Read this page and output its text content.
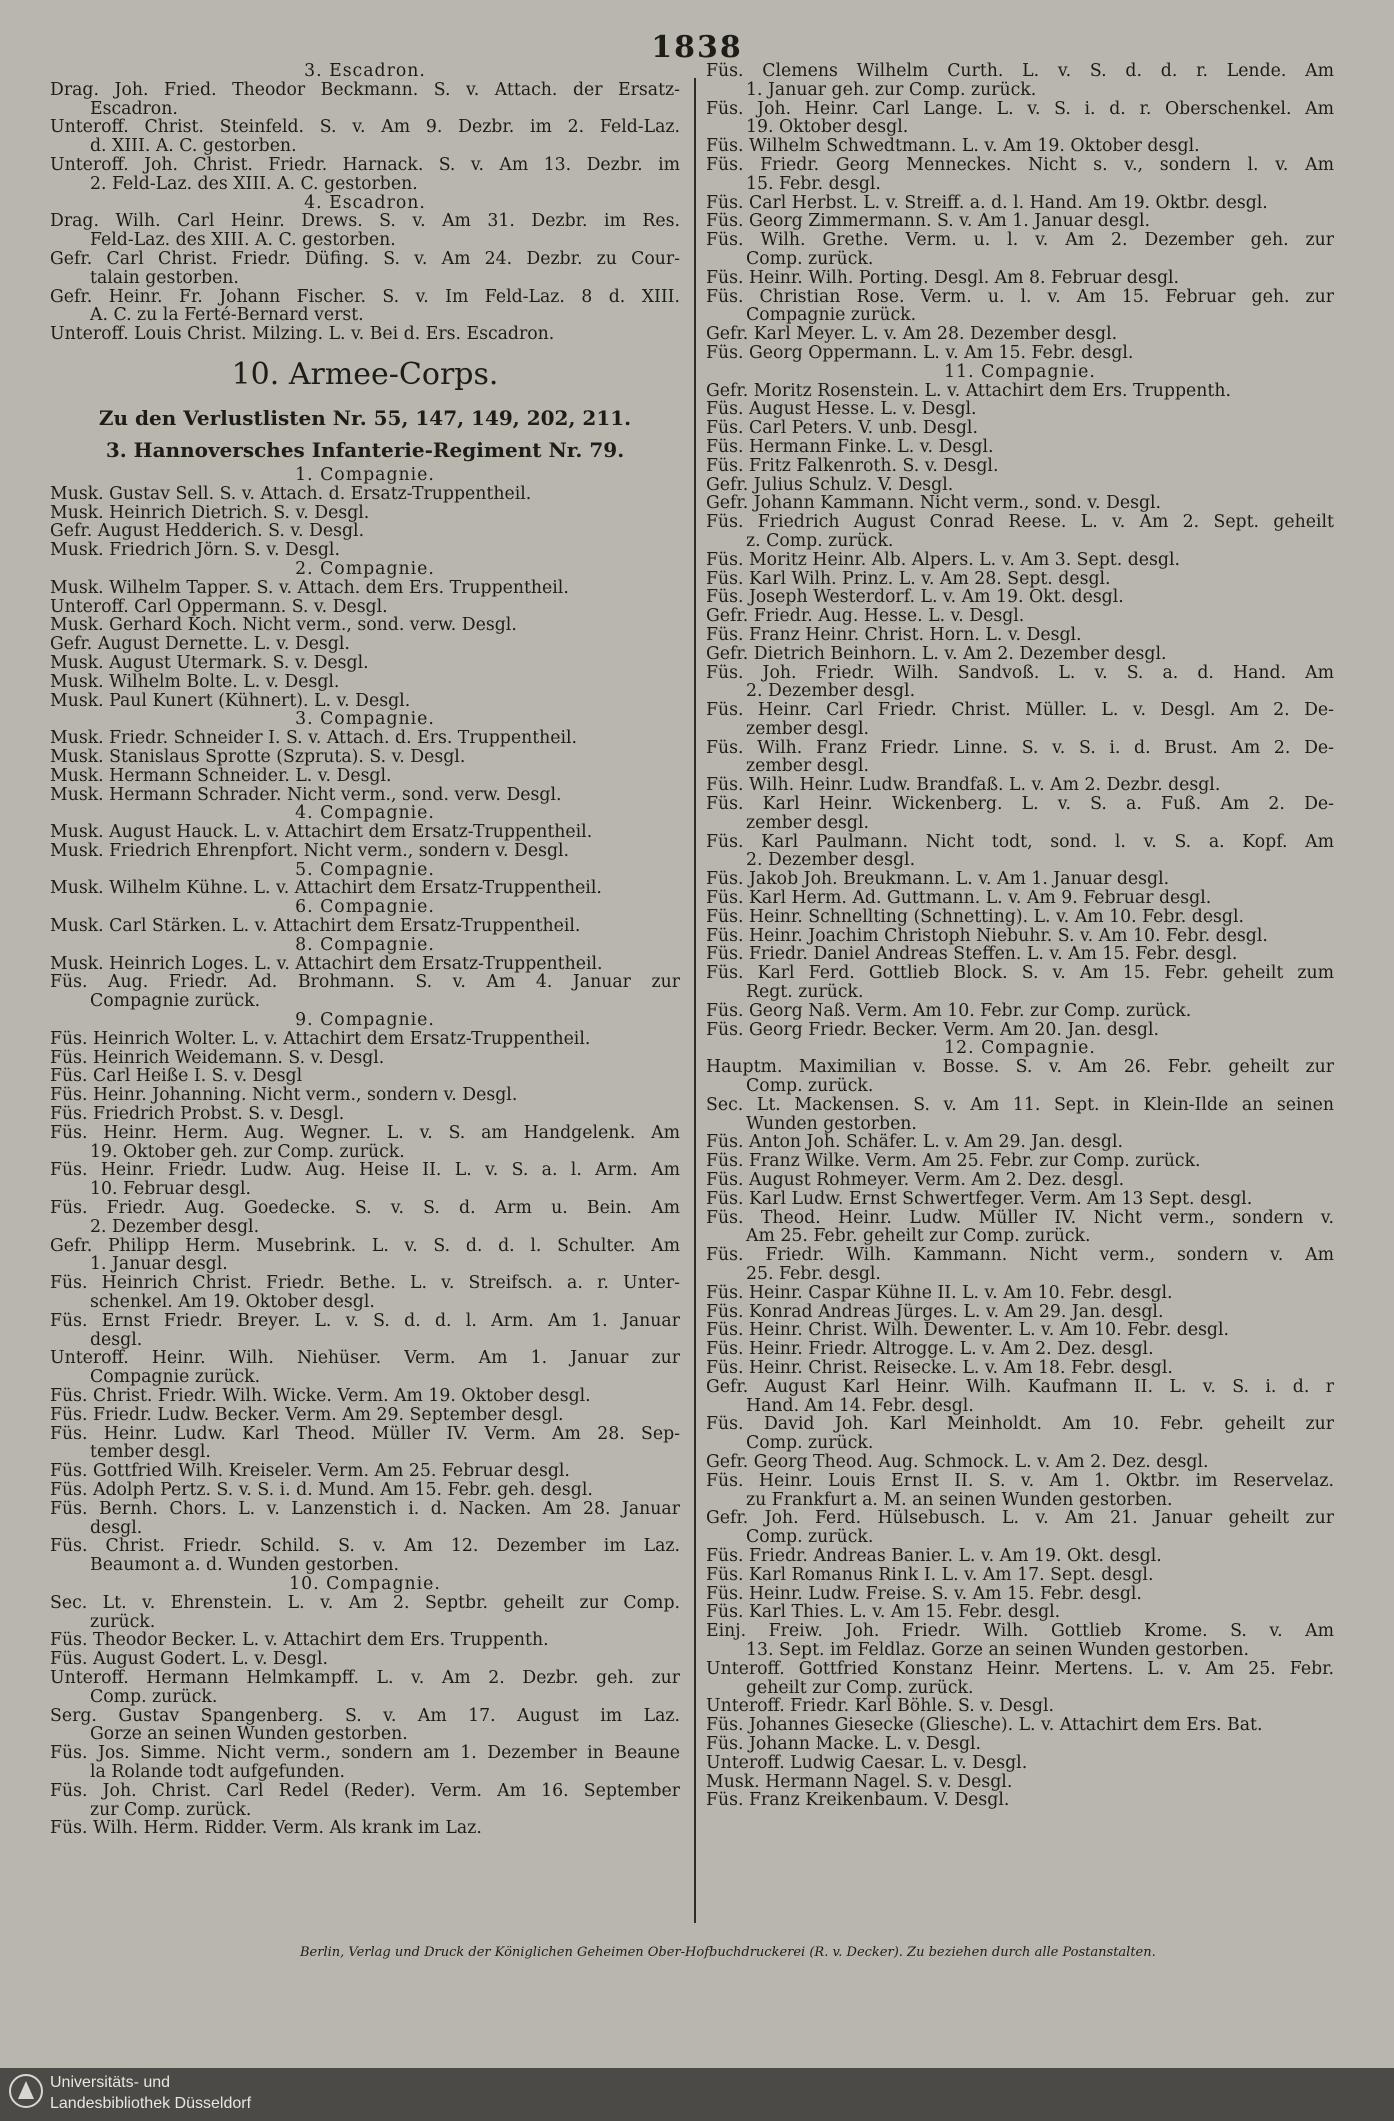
1838
3. Escadron.
Drag. Joh. Fried. Theodor Beckmann. S. v. Attach. der Ersatz-
Escadron.
Unteroff. Christ. Steinfeld. S. v. Am 9. Dezbr. im 2. Feld-Laz.
d. XIII. A. C. gestorben.
Unteroff. Joh. Christ. Friedr. Harnack. S. v. Am 13. Dezbr. im
2. Feld-Laz. des XIII. A. C. gestorben.
4. Escadron.
Drag. Wilh. Carl Heinr. Drews. S. v. Am 31. Dezbr. im Res.
Feld-Laz. des XIII. A. C. gestorben.
Gefr. Carl Christ. Friedr. Düfing. S. v. Am 24. Dezbr. zu Cour-
talain gestorben.
Gefr. Heinr. Fr. Johann Fischer. S. v. Im Feld-Laz. 8 d. XIII.
A. C. zu la Ferté-Bernard verst.
Unteroff. Louis Christ. Milzing. L. v. Bei d. Ers. Escadron.
10. Armee-Corps.
Zu den Verlustlisten Nr. 55, 147, 149, 202, 211.
3. Hannoversches Infanterie-Regiment Nr. 79.
1. Compagnie.
Musk. Gustav Sell. S. v. Attach. d. Ersatz-Truppentheil.
Musk. Heinrich Dietrich. S. v. Desgl.
Gefr. August Hedderich. S. v. Desgl.
Musk. Friedrich Jörn. S. v. Desgl.
2. Compagnie.
Musk. Wilhelm Tapper. S. v. Attach. dem Ers. Truppentheil.
Unteroff. Carl Oppermann. S. v. Desgl.
Musk. Gerhard Koch. Nicht verm., sond. verw. Desgl.
Gefr. August Dernette. L. v. Desgl.
Musk. August Utermark. S. v. Desgl.
Musk. Wilhelm Bolte. L. v. Desgl.
Musk. Paul Kunert (Kühnert). L. v. Desgl.
3. Compagnie.
Musk. Friedr. Schneider I. S. v. Attach. d. Ers. Truppentheil.
Musk. Stanislaus Sprotte (Szpruta). S. v. Desgl.
Musk. Hermann Schneider. L. v. Desgl.
Musk. Hermann Schrader. Nicht verm., sond. verw. Desgl.
4. Compagnie.
Musk. August Hauck. L. v. Attachirt dem Ersatz-Truppentheil.
Musk. Friedrich Ehrenpfort. Nicht verm., sondern v. Desgl.
5. Compagnie.
Musk. Wilhelm Kühne. L. v. Attachirt dem Ersatz-Truppentheil.
6. Compagnie.
Musk. Carl Stärken. L. v. Attachirt dem Ersatz-Truppentheil.
8. Compagnie.
Musk. Heinrich Loges. L. v. Attachirt dem Ersatz-Truppentheil.
Füs. Aug. Friedr. Ad. Brohmann. S. v. Am 4. Januar zur
Compagnie zurück.
9. Compagnie.
Füs. Heinrich Wolter. L. v. Attachirt dem Ersatz-Truppentheil.
Füs. Heinrich Weidemann. S. v. Desgl.
Füs. Carl Heiße I. S. v. Desgl
Füs. Heinr. Johanning. Nicht verm., sondern v. Desgl.
Füs. Friedrich Probst. S. v. Desgl.
Füs. Heinr. Herm. Aug. Wegner. L. v. S. am Handgelenk. Am
19. Oktober geh. zur Comp. zurück.
Füs. Heinr. Friedr. Ludw. Aug. Heise II. L. v. S. a. l. Arm. Am
10. Februar desgl.
Füs. Friedr. Aug. Goedecke. S. v. S. d. Arm u. Bein. Am
2. Dezember desgl.
Gefr. Philipp Herm. Musebrink. L. v. S. d. d. l. Schulter. Am
1. Januar desgl.
Füs. Heinrich Christ. Friedr. Bethe. L. v. Streifsch. a. r. Unter-
schenkel. Am 19. Oktober desgl.
Füs. Ernst Friedr. Breyer. L. v. S. d. d. l. Arm. Am 1. Januar
desgl.
Unteroff. Heinr. Wilh. Niehüser. Verm. Am 1. Januar zur
Compagnie zurück.
Füs. Christ. Friedr. Wilh. Wicke. Verm. Am 19. Oktober desgl.
Füs. Friedr. Ludw. Becker. Verm. Am 29. September desgl.
Füs. Heinr. Ludw. Karl Theod. Müller IV. Verm. Am 28. Sep-
tember desgl.
Füs. Gottfried Wilh. Kreiseler. Verm. Am 25. Februar desgl.
Füs. Adolph Pertz. S. v. S. i. d. Mund. Am 15. Febr. geh. desgl.
Füs. Bernh. Chors. L. v. Lanzenstich i. d. Nacken. Am 28. Januar
desgl.
Füs. Christ. Friedr. Schild. S. v. Am 12. Dezember im Laz.
Beaumont a. d. Wunden gestorben.
10. Compagnie.
Sec. Lt. v. Ehrenstein. L. v. Am 2. Septbr. geheilt zur Comp.
zurück.
Füs. Theodor Becker. L. v. Attachirt dem Ers. Truppenth.
Füs. August Godert. L. v. Desgl.
Unteroff. Hermann Helmkampff. L. v. Am 2. Dezbr. geh. zur
Comp. zurück.
Serg. Gustav Spangenberg. S. v. Am 17. August im Laz.
Gorze an seinen Wunden gestorben.
Füs. Jos. Simme. Nicht verm., sondern am 1. Dezember in Beaune
la Rolande todt aufgefunden.
Füs. Joh. Christ. Carl Redel (Reder). Verm. Am 16. September
zur Comp. zurück.
Füs. Wilh. Herm. Ridder. Verm. Als krank im Laz.
Füs. Clemens Wilhelm Curth. L. v. S. d. d. r. Lende. Am
1. Januar geh. zur Comp. zurück.
Füs. Joh. Heinr. Carl Lange. L. v. S. i. d. r. Oberschenkel. Am
19. Oktober desgl.
Füs. Wilhelm Schwedtmann. L. v. Am 19. Oktober desgl.
Füs. Friedr. Georg Menneckes. Nicht s. v., sondern l. v. Am
15. Febr. desgl.
Füs. Carl Herbst. L. v. Streiff. a. d. l. Hand. Am 19. Oktbr. desgl.
Füs. Georg Zimmermann. S. v. Am 1. Januar desgl.
Füs. Wilh. Grethe. Verm. u. l. v. Am 2. Dezember geh. zur
Comp. zurück.
Füs. Heinr. Wilh. Porting. Desgl. Am 8. Februar desgl.
Füs. Christian Rose. Verm. u. l. v. Am 15. Februar geh. zur
Compagnie zurück.
Gefr. Karl Meyer. L. v. Am 28. Dezember desgl.
Füs. Georg Oppermann. L. v. Am 15. Febr. desgl.
11. Compagnie.
Gefr. Moritz Rosenstein. L. v. Attachirt dem Ers. Truppenth.
Füs. August Hesse. L. v. Desgl.
Füs. Carl Peters. V. unb. Desgl.
Füs. Hermann Finke. L. v. Desgl.
Füs. Fritz Falkenroth. S. v. Desgl.
Gefr. Julius Schulz. V. Desgl.
Gefr. Johann Kammann. Nicht verm., sond. v. Desgl.
Füs. Friedrich August Conrad Reese. L. v. Am 2. Sept. geheilt
z. Comp. zurück.
Füs. Moritz Heinr. Alb. Alpers. L. v. Am 3. Sept. desgl.
Füs. Karl Wilh. Prinz. L. v. Am 28. Sept. desgl.
Füs. Joseph Westerdorf. L. v. Am 19. Okt. desgl.
Gefr. Friedr. Aug. Hesse. L. v. Desgl.
Füs. Franz Heinr. Christ. Horn. L. v. Desgl.
Gefr. Dietrich Beinhorn. L. v. Am 2. Dezember desgl.
Füs. Joh. Friedr. Wilh. Sandvoß. L. v. S. a. d. Hand. Am
2. Dezember desgl.
Füs. Heinr. Carl Friedr. Christ. Müller. L. v. Desgl. Am 2. De-
zember desgl.
Füs. Wilh. Franz Friedr. Linne. S. v. S. i. d. Brust. Am 2. De-
zember desgl.
Füs. Wilh. Heinr. Ludw. Brandfaß. L. v. Am 2. Dezbr. desgl.
Füs. Karl Heinr. Wickenberg. L. v. S. a. Fuß. Am 2. De-
zember desgl.
Füs. Karl Paulmann. Nicht todt, sond. l. v. S. a. Kopf. Am
2. Dezember desgl.
Füs. Jakob Joh. Breukmann. L. v. Am 1. Januar desgl.
Füs. Karl Herm. Ad. Guttmann. L. v. Am 9. Februar desgl.
Füs. Heinr. Schnellting (Schnetting). L. v. Am 10. Febr. desgl.
Füs. Heinr. Joachim Christoph Niebuhr. S. v. Am 10. Febr. desgl.
Füs. Friedr. Daniel Andreas Steffen. L. v. Am 15. Febr. desgl.
Füs. Karl Ferd. Gottlieb Block. S. v. Am 15. Febr. geheilt zum
Regt. zurück.
Füs. Georg Naß. Verm. Am 10. Febr. zur Comp. zurück.
Füs. Georg Friedr. Becker. Verm. Am 20. Jan. desgl.
12. Compagnie.
Hauptm. Maximilian v. Bosse. S. v. Am 26. Febr. geheilt zur
Comp. zurück.
Sec. Lt. Mackensen. S. v. Am 11. Sept. in Klein-Ilde an seinen
Wunden gestorben.
Füs. Anton Joh. Schäfer. L. v. Am 29. Jan. desgl.
Füs. Franz Wilke. Verm. Am 25. Febr. zur Comp. zurück.
Füs. August Rohmeyer. Verm. Am 2. Dez. desgl.
Füs. Karl Ludw. Ernst Schwertfeger. Verm. Am 13 Sept. desgl.
Füs. Theod. Heinr. Ludw. Müller IV. Nicht verm., sondern v.
Am 25. Febr. geheilt zur Comp. zurück.
Füs. Friedr. Wilh. Kammann. Nicht verm., sondern v. Am
25. Febr. desgl.
Füs. Heinr. Caspar Kühne II. L. v. Am 10. Febr. desgl.
Füs. Konrad Andreas Jürges. L. v. Am 29. Jan. desgl.
Füs. Heinr. Christ. Wilh. Dewenter. L. v. Am 10. Febr. desgl.
Füs. Heinr. Friedr. Altrogge. L. v. Am 2. Dez. desgl.
Füs. Heinr. Christ. Reisecke. L. v. Am 18. Febr. desgl.
Gefr. August Karl Heinr. Wilh. Kaufmann II. L. v. S. i. d. r
Hand. Am 14. Febr. desgl.
Füs. David Joh. Karl Meinholdt. Am 10. Febr. geheilt zur
Comp. zurück.
Gefr. Georg Theod. Aug. Schmock. L. v. Am 2. Dez. desgl.
Füs. Heinr. Louis Ernst II. S. v. Am 1. Oktbr. im Reservelaz.
zu Frankfurt a. M. an seinen Wunden gestorben.
Gefr. Joh. Ferd. Hülsebusch. L. v. Am 21. Januar geheilt zur
Comp. zurück.
Füs. Friedr. Andreas Banier. L. v. Am 19. Okt. desgl.
Füs. Karl Romanus Rink I. L. v. Am 17. Sept. desgl.
Füs. Heinr. Ludw. Freise. S. v. Am 15. Febr. desgl.
Füs. Karl Thies. L. v. Am 15. Febr. desgl.
Einj. Freiw. Joh. Friedr. Wilh. Gottlieb Krome. S. v. Am
13. Sept. im Feldlaz. Gorze an seinen Wunden gestorben.
Unteroff. Gottfried Konstanz Heinr. Mertens. L. v. Am 25. Febr.
geheilt zur Comp. zurück.
Unteroff. Friedr. Karl Böhle. S. v. Desgl.
Füs. Johannes Giesecke (Gliesche). L. v. Attachirt dem Ers. Bat.
Füs. Johann Macke. L. v. Desgl.
Unteroff. Ludwig Caesar. L. v. Desgl.
Musk. Hermann Nagel. S. v. Desgl.
Füs. Franz Kreikenbaum. V. Desgl.
Berlin, Verlag und Druck der Königlichen Geheimen Ober-Hofbuchdruckerei (R. v. Decker). Zu beziehen durch alle Postanstalten.
Universitäts- und
Landesbibliothek Düsseldorf
